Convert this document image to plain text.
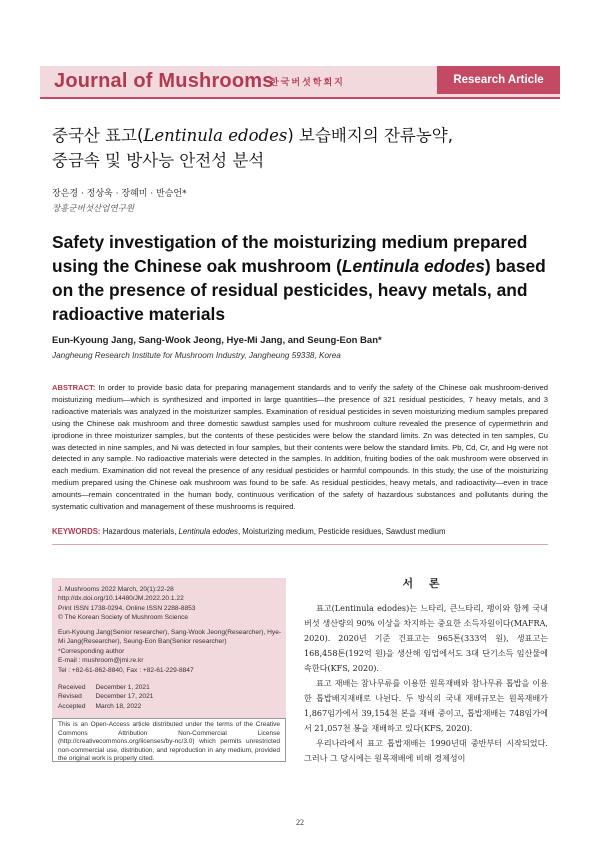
Journal of Mushrooms
한국버섯학회지	Research Article
중국산 표고(Lentinula edodes) 보습배지의 잔류농약,
중금속 및 방사능 안전성 분석
장은경 · 정상욱 · 장혜미 · 반승언*
장흥군버섯산업연구원
Safety investigation of the moisturizing medium prepared using the Chinese oak mushroom (Lentinula edodes) based on the presence of residual pesticides, heavy metals, and radioactive materials
Eun-Kyoung Jang, Sang-Wook Jeong, Hye-Mi Jang, and Seung-Eon Ban*
Jangheung Research Institute for Mushroom Industry, Jangheung 59338, Korea
ABSTRACT: In order to provide basic data for preparing management standards and to verify the safety of the Chinese oak mushroom-derived moisturizing medium—which is synthesized and imported in large quantities—the presence of 321 residual pesticides, 7 heavy metals, and 3 radioactive materials was analyzed in the moisturizer samples. Examination of residual pesticides in seven moisturizing medium samples prepared using the Chinese oak mushroom and three domestic sawdust samples used for mushroom culture revealed the presence of cypermethrin and iprodione in three moisturizer samples, but the contents of these pesticides were below the standard limits. Zn was detected in ten samples, Cu was detected in nine samples, and Ni was detected in four samples, but their contents were below the standard limits. Pb, Cd, Cr, and Hg were not detected in any sample. No radioactive materials were detected in the samples. In addition, fruiting bodies of the oak mushroom were observed in each medium. Examination did not reveal the presence of any residual pesticides or harmful compounds. In this study, the use of the moisturizing medium prepared using the Chinese oak mushroom was found to be safe. As residual pesticides, heavy metals, and radioactivity—even in trace amounts—remain concentrated in the human body, continuous verification of the safety of hazardous substances and pollutants during the systematic cultivation and management of these mushrooms is required.
KEYWORDS: Hazardous materials, Lentinula edodes, Moisturizing medium, Pesticide residues, Sawdust medium
J. Mushrooms 2022 March, 20(1):22-28
http://dx.doi.org/10.14480/JM.2022.20.1.22
Print ISSN 1738-0294, Online ISSN 2288-8853
© The Korean Society of Mushroom Science
Eun-Kyoung Jang(Senior researcher), Sang-Wook Jeong(Researcher), Hye-Mi Jang(Researcher), Seung-Eon Ban(Senior researcher)
*Corresponding author
E-mail : mushroom@jmi.re.kr
Tel : +82-61-862-8840, Fax : +82-61-229-8847
Received	December 1, 2021
Revised	December 17, 2021
Accepted	March 18, 2022
This is an Open-Access article distributed under the terms of the Creative Commons Attribution Non-Commercial License (http://creativecommons.org/licenses/by-nc/3.0) which permits unrestricted non-commercial use, distribution, and reproduction in any medium, provided the original work is properly cited.
서 론

표고(Lentinula edodes)는 느타리, 큰느타리, 팽이와 함께 국내 버섯 생산량의 90% 이상을 차지하는 중요한 소득자원이다(MAFRA, 2020). 2020년 기준 건표고는 965톤(333억 원), 생표고는 168,458톤(192억 원)을 생산해 임업에서도 3대 단기소득 임산물에 속한다(KFS, 2020).

표고 재배는 참나무류를 이용한 원목재배와 참나무류 톱밥을 이용한 톱밥배지재배로 나뉜다. 두 방식의 국내 재배규모는 원목재배가 1,867임가에서 39,154천 본을 재배 중이고, 톱밥재배는 748임가에서 21,057천 봉을 재배하고 있다(KFS, 2020).

우리나라에서 표고 톱밥재배는 1990년대 중반부터 시작되었다. 그러나 그 당시에는 원목재배에 비해 경제성이

22
